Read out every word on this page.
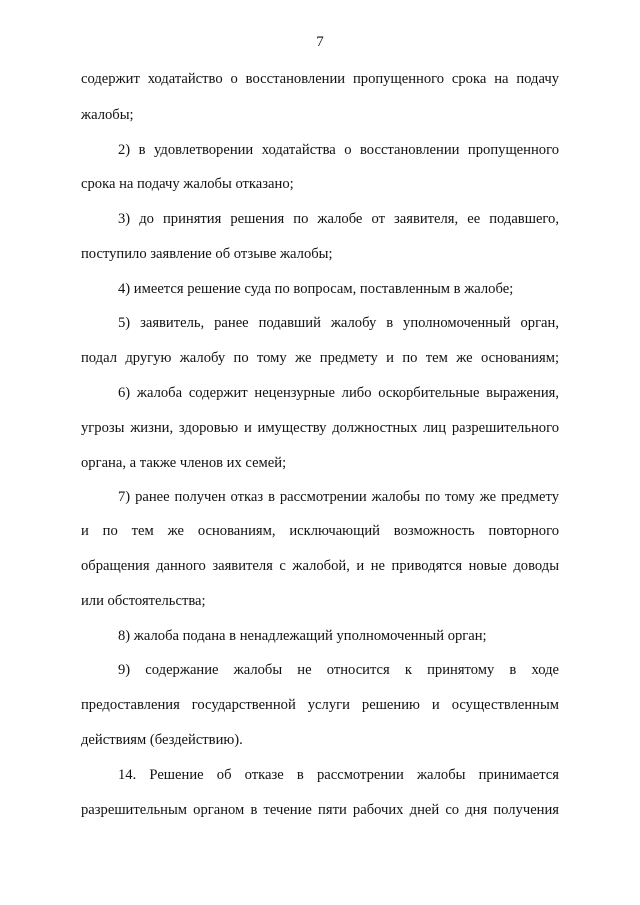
7
содержит ходатайство о восстановлении пропущенного срока на подачу
жалобы;
2) в удовлетворении ходатайства о восстановлении пропущенного
срока на подачу жалобы отказано;
3) до принятия решения по жалобе от заявителя, ее подавшего,
поступило заявление об отзыве жалобы;
4) имеется решение суда по вопросам, поставленным в жалобе;
5) заявитель, ранее подавший жалобу в уполномоченный орган,
подал другую жалобу по тому же предмету и по тем же основаниям;
6) жалоба содержит нецензурные либо оскорбительные выражения,
угрозы жизни, здоровью и имуществу должностных лиц разрешительного
органа, а также членов их семей;
7) ранее получен отказ в рассмотрении жалобы по тому же предмету
и по тем же основаниям, исключающий возможность повторного
обращения данного заявителя с жалобой, и не приводятся новые доводы
или обстоятельства;
8) жалоба подана в ненадлежащий уполномоченный орган;
9) содержание жалобы не относится к принятому в ходе
предоставления государственной услуги решению и осуществленным
действиям (бездействию).
14. Решение об отказе в рассмотрении жалобы принимается
разрешительным органом в течение пяти рабочих дней со дня получения
